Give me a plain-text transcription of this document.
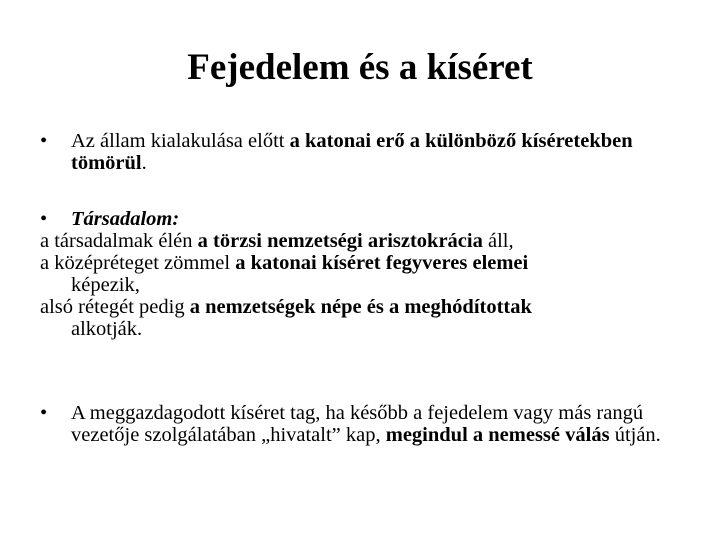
Fejedelem és a kíséret
• Az állam kialakulása előtt a katonai erő a különböző kíséretekben tömörül.
• Társadalom:
a társadalmak élén a törzsi nemzetségi arisztokrácia áll,
a középréteget zömmel a katonai kíséret fegyveres elemei
képezik,
alsó rétegét pedig a nemzetségek népe és a meghódítottak
alkotják.
• A meggazdagodott kíséret tag, ha később a fejedelem vagy más rangú vezetője szolgálatában „hivatalt” kap, megindul a nemessé válás útján.
